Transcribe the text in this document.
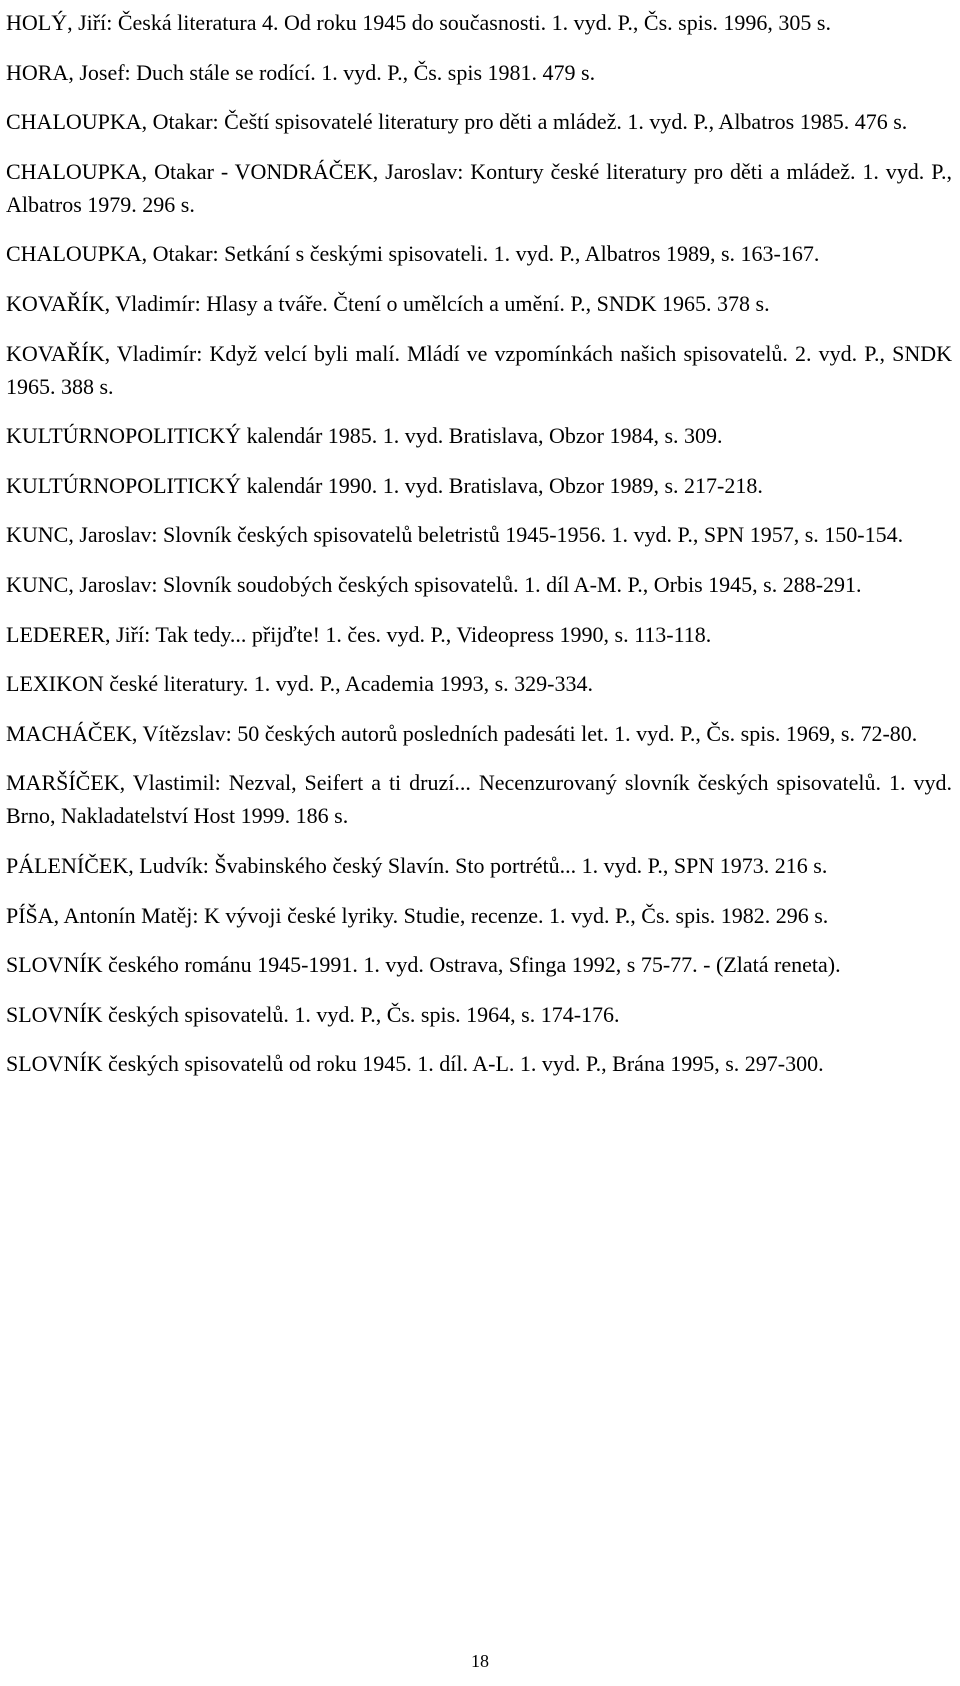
HOLÝ, Jiří: Česká literatura 4. Od roku 1945 do současnosti. 1. vyd. P., Čs. spis. 1996, 305 s.

HORA, Josef: Duch stále se rodící. 1. vyd. P., Čs. spis 1981. 479 s.

CHALOUPKA, Otakar: Čeští spisovatelé literatury pro děti a mládež. 1. vyd. P., Albatros 1985. 476 s.

CHALOUPKA, Otakar - VONDRÁČEK, Jaroslav: Kontury české literatury pro děti a mládež. 1. vyd. P., Albatros 1979. 296 s.

CHALOUPKA, Otakar: Setkání s českými spisovateli. 1. vyd. P., Albatros 1989, s. 163-167.

KOVAŘÍK, Vladimír: Hlasy a tváře. Čtení o umělcích a umění. P., SNDK 1965. 378 s.

KOVAŘÍK, Vladimír: Když velcí byli malí. Mládí ve vzpomínkách našich spisovatelů. 2. vyd. P., SNDK 1965. 388 s.

KULTÚRNOPOLITICKÝ kalendár 1985. 1. vyd. Bratislava, Obzor 1984, s. 309.

KULTÚRNOPOLITICKÝ kalendár 1990. 1. vyd. Bratislava, Obzor 1989, s. 217-218.

KUNC, Jaroslav: Slovník českých spisovatelů beletristů 1945-1956. 1. vyd. P., SPN 1957, s. 150-154.

KUNC, Jaroslav: Slovník soudobých českých spisovatelů. 1. díl A-M. P., Orbis 1945, s. 288-291.

LEDERER, Jiří: Tak tedy... přijďte! 1. čes. vyd. P., Videopress 1990, s. 113-118.

LEXIKON české literatury. 1. vyd. P., Academia 1993, s. 329-334.

MACHÁČEK, Vítězslav: 50 českých autorů posledních padesáti let. 1. vyd. P., Čs. spis. 1969, s. 72-80.

MARŠÍČEK, Vlastimil: Nezval, Seifert a ti druzí... Necenzurovaný slovník českých spisovatelů. 1. vyd. Brno, Nakladatelství Host 1999. 186 s.

PÁLENÍČEK, Ludvík: Švabinského český Slavín. Sto portrétů... 1. vyd. P., SPN 1973. 216 s.

PÍŠA, Antonín Matěj: K vývoji české lyriky. Studie, recenze. 1. vyd. P., Čs. spis. 1982. 296 s.

SLOVNÍK českého románu 1945-1991. 1. vyd. Ostrava, Sfinga 1992, s 75-77. - (Zlatá reneta).

SLOVNÍK českých spisovatelů. 1. vyd. P., Čs. spis. 1964, s. 174-176.

SLOVNÍK českých spisovatelů od roku 1945. 1. díl. A-L. 1. vyd. P., Brána 1995, s. 297-300.

18
